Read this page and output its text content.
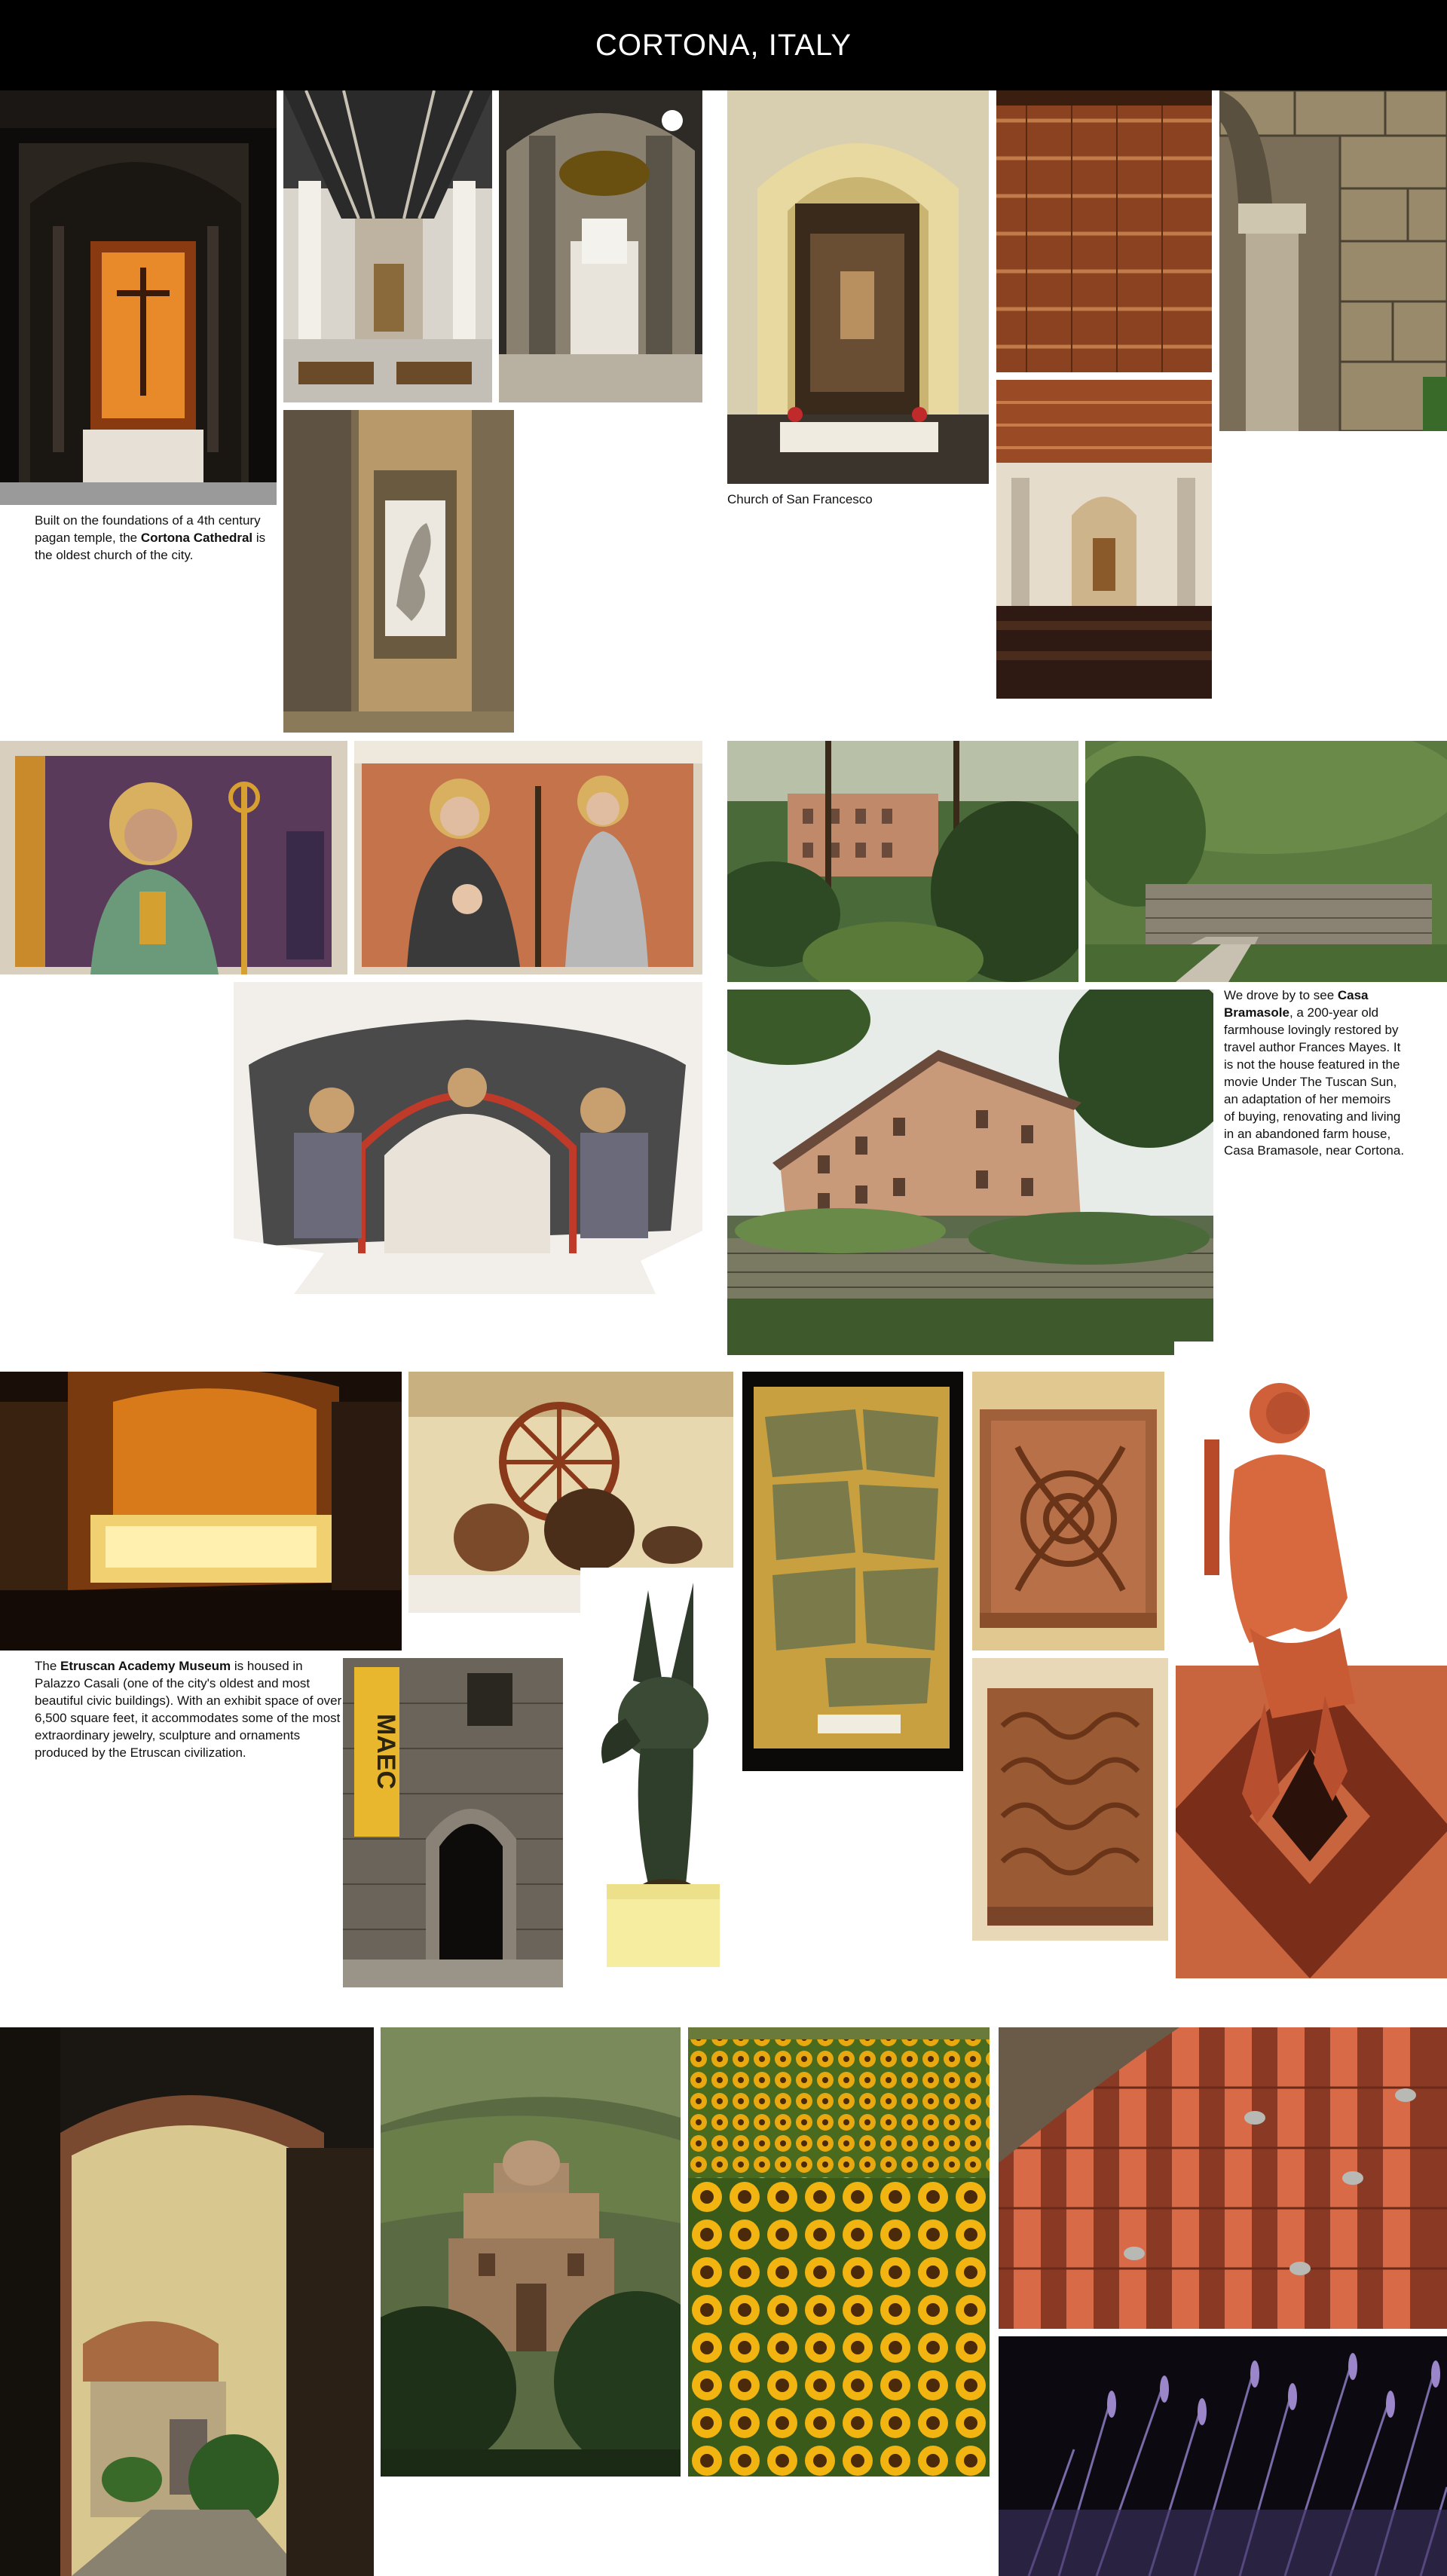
CORTONA, ITALY

Built on the foundations of a 4th century pagan temple, the Cortona Cathedral is the oldest church of the city.

Church of San Francesco

We drove by to see Casa Bramasole, a 200-year old farmhouse lovingly restored by travel author Frances Mayes. It is not the house featured in the movie Under The Tuscan Sun, an adaptation of her memoirs of buying, renovating and living in an abandoned farm house, Casa Bramasole, near Cortona.

The Etruscan Academy Museum is housed in Palazzo Casali (one of the city's oldest and most beautiful civic buildings). With an exhibit space of over 6,500 square feet, it accommodates some of the most extraordinary jewelry, sculpture and ornaments produced by the Etruscan civilization.	MAEC
